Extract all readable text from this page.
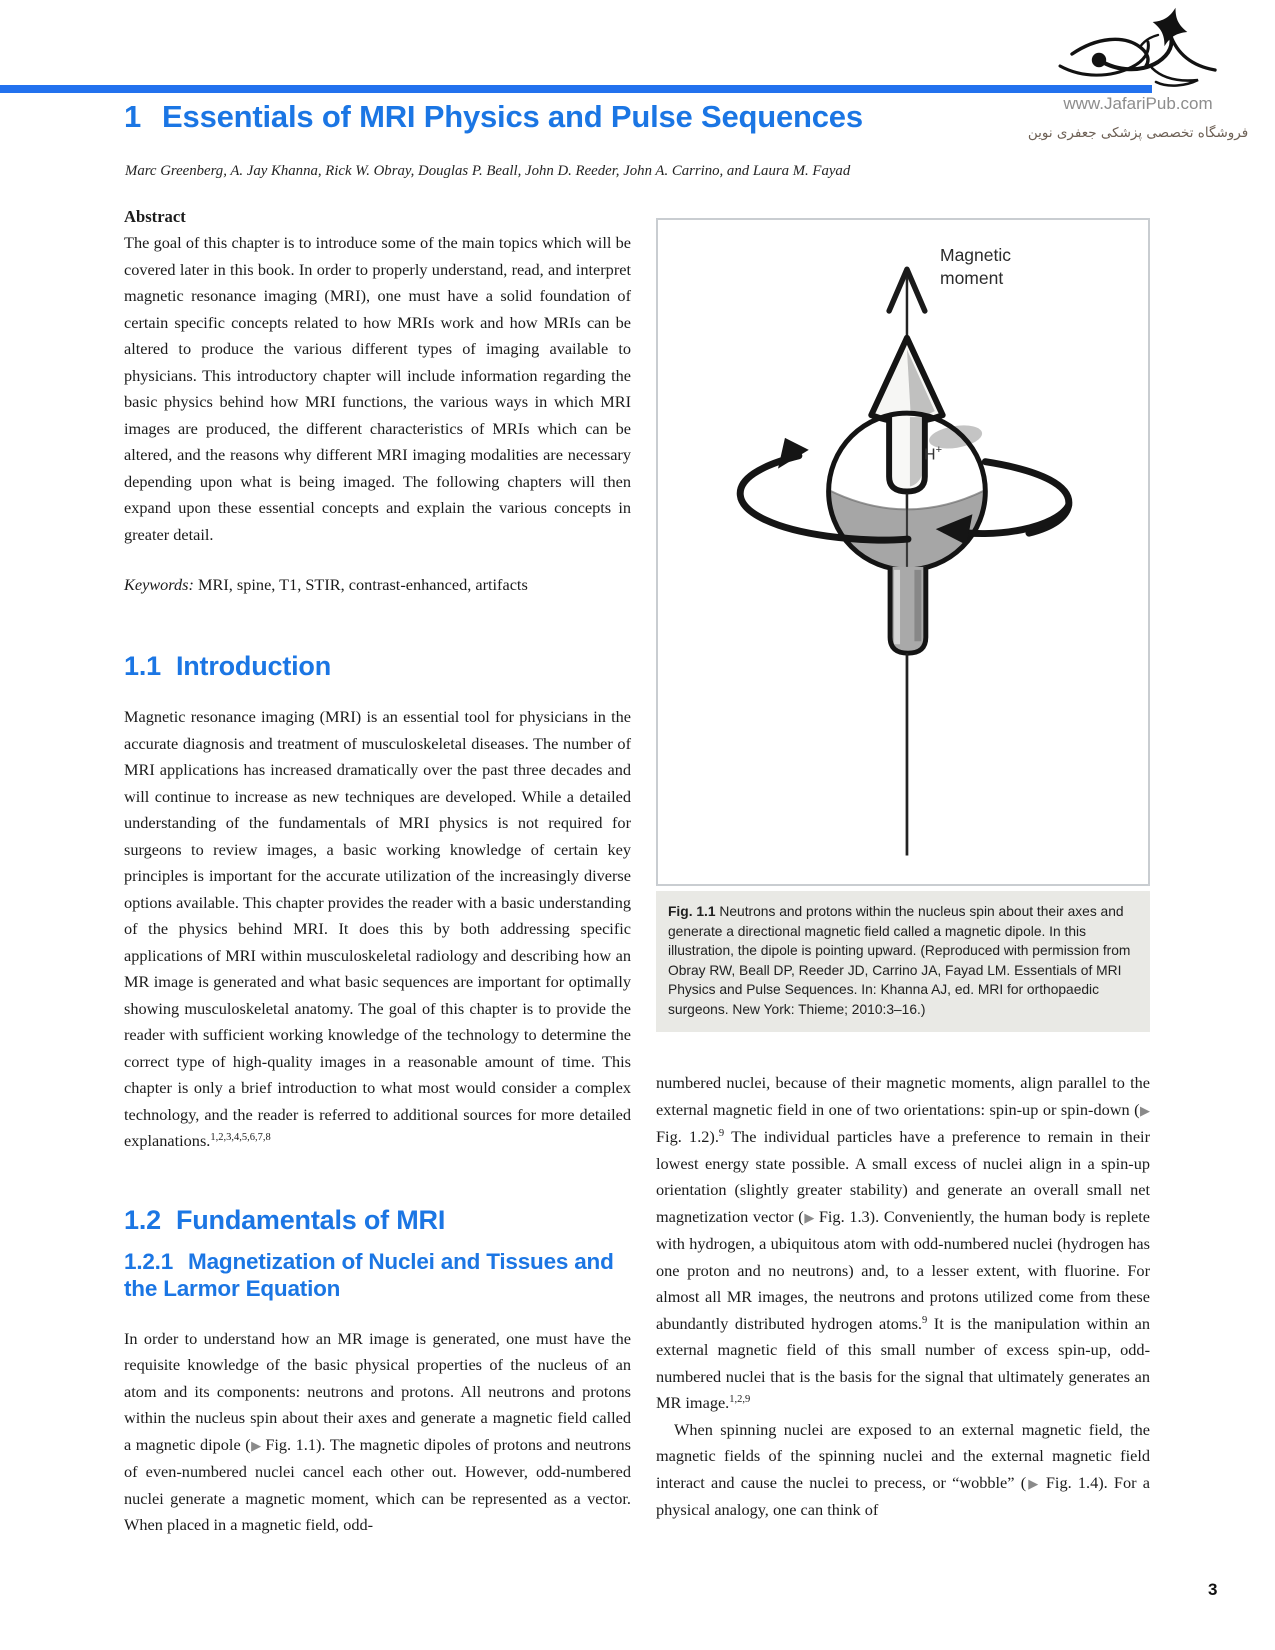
www.JafariPub.com
فروشگاه تخصصی پزشکی جعفری نوین
1 Essentials of MRI Physics and Pulse Sequences
Marc Greenberg, A. Jay Khanna, Rick W. Obray, Douglas P. Beall, John D. Reeder, John A. Carrino, and Laura M. Fayad
Abstract

The goal of this chapter is to introduce some of the main topics which will be covered later in this book. In order to properly understand, read, and interpret magnetic resonance imaging (MRI), one must have a solid foundation of certain specific concepts related to how MRIs work and how MRIs can be altered to produce the various different types of imaging available to physicians. This introductory chapter will include information regarding the basic physics behind how MRI functions, the various ways in which MRI images are produced, the different characteristics of MRIs which can be altered, and the reasons why different MRI imaging modalities are necessary depending upon what is being imaged. The following chapters will then expand upon these essential concepts and explain the various concepts in greater detail.

Keywords: MRI, spine, T1, STIR, contrast-enhanced, artifacts

1.1 Introduction

Magnetic resonance imaging (MRI) is an essential tool for physicians in the accurate diagnosis and treatment of musculoskeletal diseases. The number of MRI applications has increased dramatically over the past three decades and will continue to increase as new techniques are developed. While a detailed understanding of the fundamentals of MRI physics is not required for surgeons to review images, a basic working knowledge of certain key principles is important for the accurate utilization of the increasingly diverse options available. This chapter provides the reader with a basic understanding of the physics behind MRI. It does this by both addressing specific applications of MRI within musculoskeletal radiology and describing how an MR image is generated and what basic sequences are important for optimally showing musculoskeletal anatomy. The goal of this chapter is to provide the reader with sufficient working knowledge of the technology to determine the correct type of high-quality images in a reasonable amount of time. This chapter is only a brief introduction to what most would consider a complex technology, and the reader is referred to additional sources for more detailed explanations.$^{1,2,3,4,5,6,7,8}$

1.2 Fundamentals of MRI
1.2.1 Magnetization of Nuclei and Tissues and the Larmor Equation

In order to understand how an MR image is generated, one must have the requisite knowledge of the basic physical properties of the nucleus of an atom and its components: neutrons and protons. All neutrons and protons within the nucleus spin about their axes and generate a magnetic field called a magnetic dipole (▶ Fig. 1.1). The magnetic dipoles of protons and neutrons of even-numbered nuclei cancel each other out. However, odd-numbered nuclei generate a magnetic moment, which can be represented as a vector. When placed in a magnetic field, odd-

Magnetic
moment
H+
Fig. 1.1 Neutrons and protons within the nucleus spin about their axes and generate a directional magnetic field called a magnetic dipole. In this illustration, the dipole is pointing upward. (Reproduced with permission from Obray RW, Beall DP, Reeder JD, Carrino JA, Fayad LM. Essentials of MRI Physics and Pulse Sequences. In: Khanna AJ, ed. MRI for orthopaedic surgeons. New York: Thieme; 2010:3–16.)

numbered nuclei, because of their magnetic moments, align parallel to the external magnetic field in one of two orientations: spin-up or spin-down (▶ Fig. 1.2).$^9$ The individual particles have a preference to remain in their lowest energy state possible. A small excess of nuclei align in a spin-up orientation (slightly greater stability) and generate an overall small net magnetization vector (▶ Fig. 1.3). Conveniently, the human body is replete with hydrogen, a ubiquitous atom with odd-numbered nuclei (hydrogen has one proton and no neutrons) and, to a lesser extent, with fluorine. For almost all MR images, the neutrons and protons utilized come from these abundantly distributed hydrogen atoms.$^9$ It is the manipulation within an external magnetic field of this small number of excess spin-up, odd-numbered nuclei that is the basis for the signal that ultimately generates an MR image.$^{1,2,9}$

When spinning nuclei are exposed to an external magnetic field, the magnetic fields of the spinning nuclei and the external magnetic field interact and cause the nuclei to precess, or “wobble” (▶ Fig. 1.4). For a physical analogy, one can think of

3
